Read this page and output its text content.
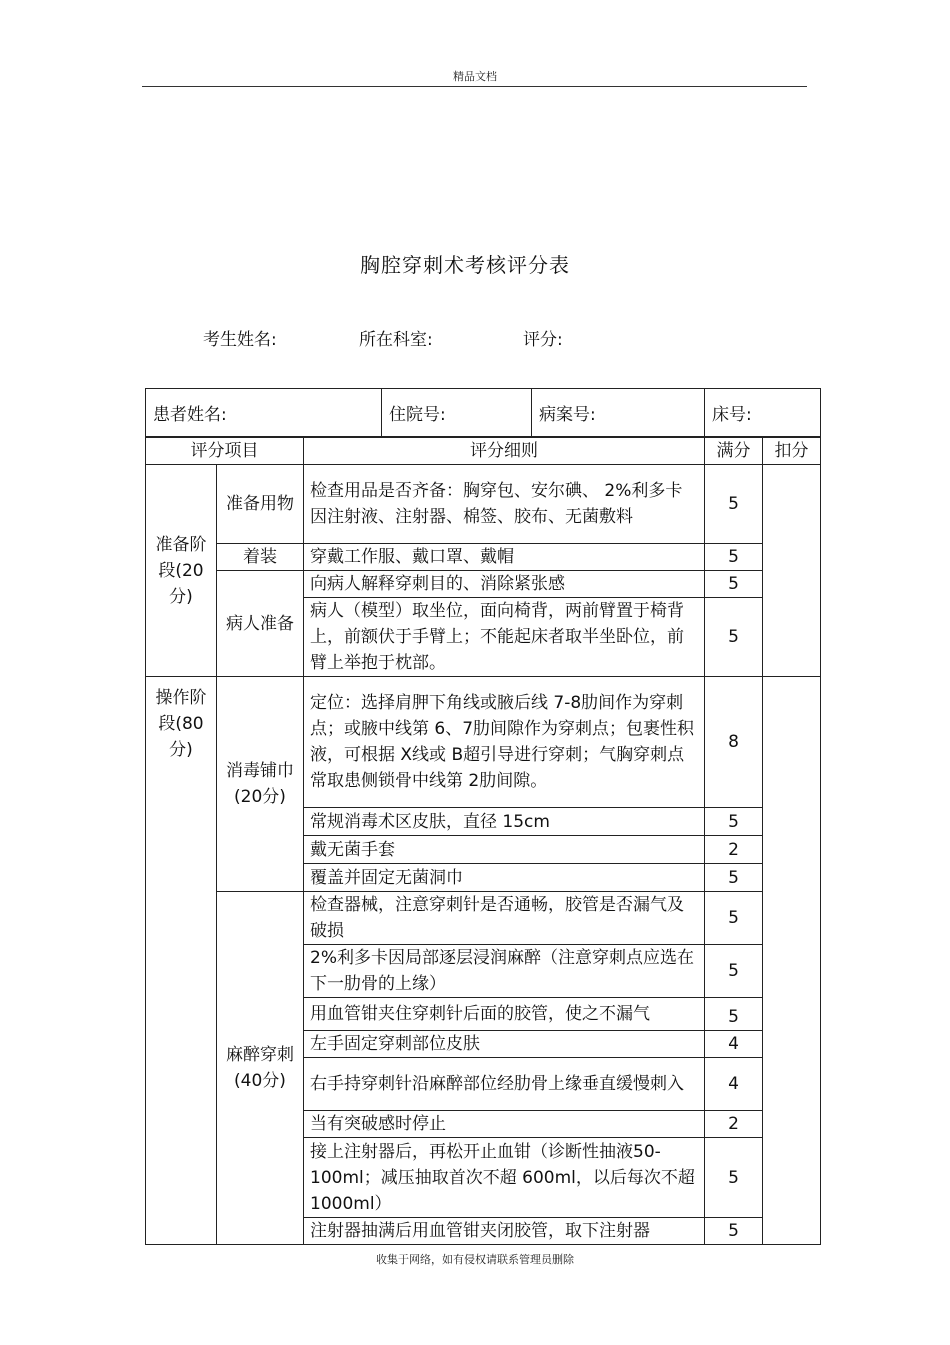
精品文档
胸腔穿刺术考核评分表
考生姓名:	所在科室:	评分:
患者姓名:	住院号:	病案号:	床号:
评分项目		评分细则	满分	扣分
准备阶段(20分)	准备用物	检查用品是否齐备：胸穿包、安尔碘、 2%利多卡因注射液、注射器、棉签、胶布、无菌敷料	5	
	着装	穿戴工作服、戴口罩、戴帽	5	
	病人准备	向病人解释穿刺目的、消除紧张感	5	
		病人（模型）取坐位，面向椅背，两前臂置于椅背上，前额伏于手臂上；不能起床者取半坐卧位，前臂上举抱于枕部。	5	
操作阶段(80分)	消毒铺巾 (20分)	定位：选择肩胛下角线或腋后线 7-8肋间作为穿刺点；或腋中线第 6、7肋间隙作为穿刺点；包裹性积液，可根据 X线或 B超引导进行穿刺；气胸穿刺点常取患侧锁骨中线第 2肋间隙。	8	
		常规消毒术区皮肤，直径 15cm	5	
		戴无菌手套	2	
		覆盖并固定无菌洞巾	5	
	麻醉穿刺 (40分)	检查器械，注意穿刺针是否通畅，胶管是否漏气及破损	5	
		2%利多卡因局部逐层浸润麻醉（注意穿刺点应选在下一肋骨的上缘）	5	
		用血管钳夹住穿刺针后面的胶管，使之不漏气	5	
		左手固定穿刺部位皮肤	4	
		右手持穿刺针沿麻醉部位经肋骨上缘垂直缓慢刺入	4	
		当有突破感时停止	2	
		接上注射器后，再松开止血钳（诊断性抽液50-100ml；减压抽取首次不超 600ml，以后每次不超 1000ml）	5	
		注射器抽满后用血管钳夹闭胶管，取下注射器	5	
收集于网络，如有侵权请联系管理员删除
